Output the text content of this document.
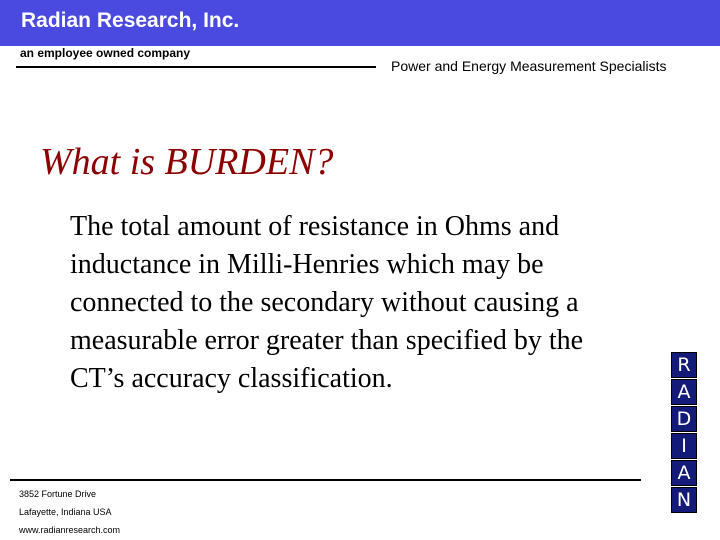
Radian Research, Inc.
an employee owned company
Power and Energy Measurement Specialists
What is BURDEN?
The total amount of resistance in Ohms and
inductance in Milli-Henries which may be
connected to the secondary without causing a
measurable error greater than specified by the
CT’s accuracy classification.
3852 Fortune Drive
Lafayette, Indiana USA
www.radianresearch.com
R
A
D
I
A
N
